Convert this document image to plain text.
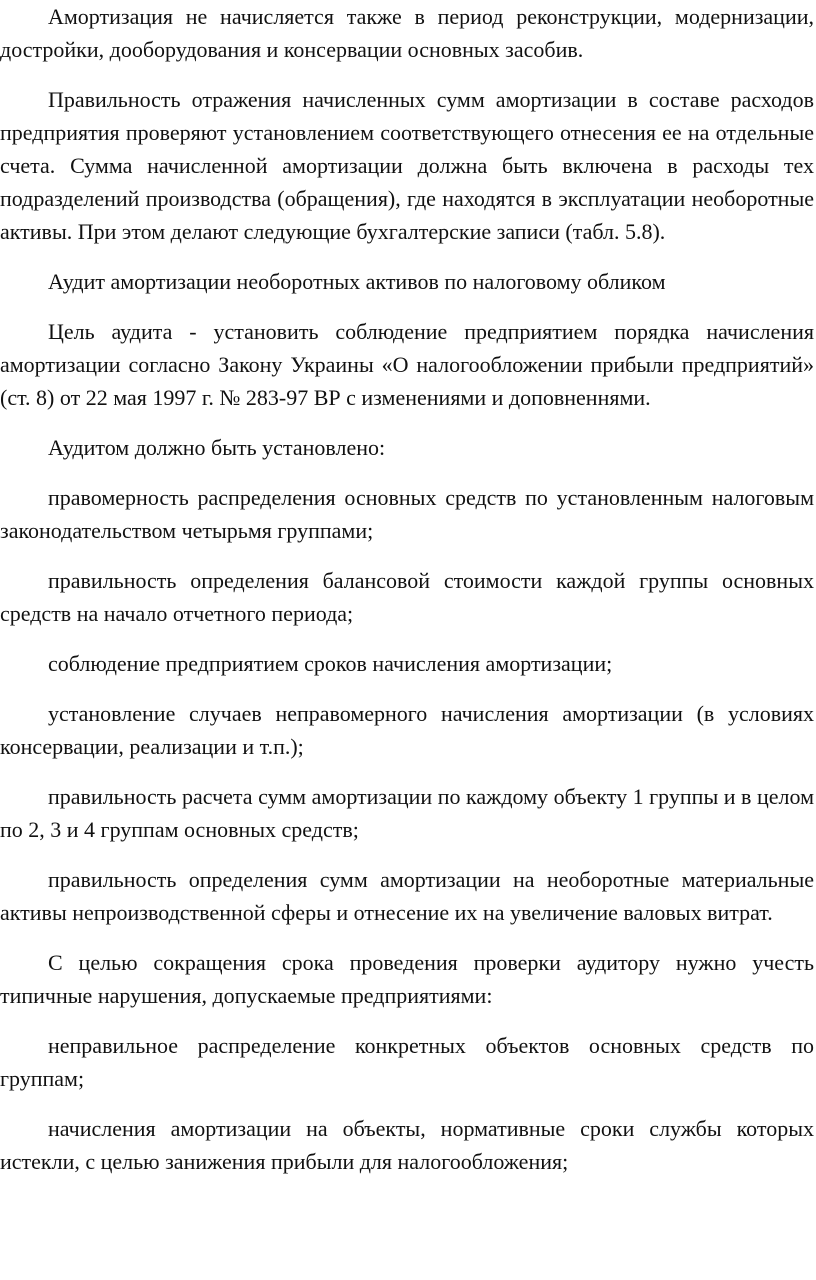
Амортизация не начисляется также в период реконструкции, модернизации, достройки, дооборудования и консервации основных засобив.

Правильность отражения начисленных сумм амортизации в составе расходов предприятия проверяют установлением соответствующего отнесения ее на отдельные счета. Сумма начисленной амортизации должна быть включена в расходы тех подразделений производства (обращения), где находятся в эксплуатации необоротные активы. При этом делают следующие бухгалтерские записи (табл. 5.8).

Аудит амортизации необоротных активов по налоговому обликом

Цель аудита - установить соблюдение предприятием порядка начисления амортизации согласно Закону Украины «О налогообложении прибыли предприятий» (ст. 8) от 22 мая 1997 г. № 283-97 ВР с изменениями и доповненнями.

Аудитом должно быть установлено:

правомерность распределения основных средств по установленным налоговым законодательством четырьмя группами;

правильность определения балансовой стоимости каждой группы основных средств на начало отчетного периода;

соблюдение предприятием сроков начисления амортизации;

установление случаев неправомерного начисления амортизации (в условиях консервации, реализации и т.п.);

правильность расчета сумм амортизации по каждому объекту 1 группы и в целом по 2, 3 и 4 группам основных средств;

правильность определения сумм амортизации на необоротные материальные активы непроизводственной сферы и отнесение их на увеличение валовых витрат.

С целью сокращения срока проведения проверки аудитору нужно учесть типичные нарушения, допускаемые предприятиями:

неправильное распределение конкретных объектов основных средств по группам;

начисления амортизации на объекты, нормативные сроки службы которых истекли, с целью занижения прибыли для налогообложения;
